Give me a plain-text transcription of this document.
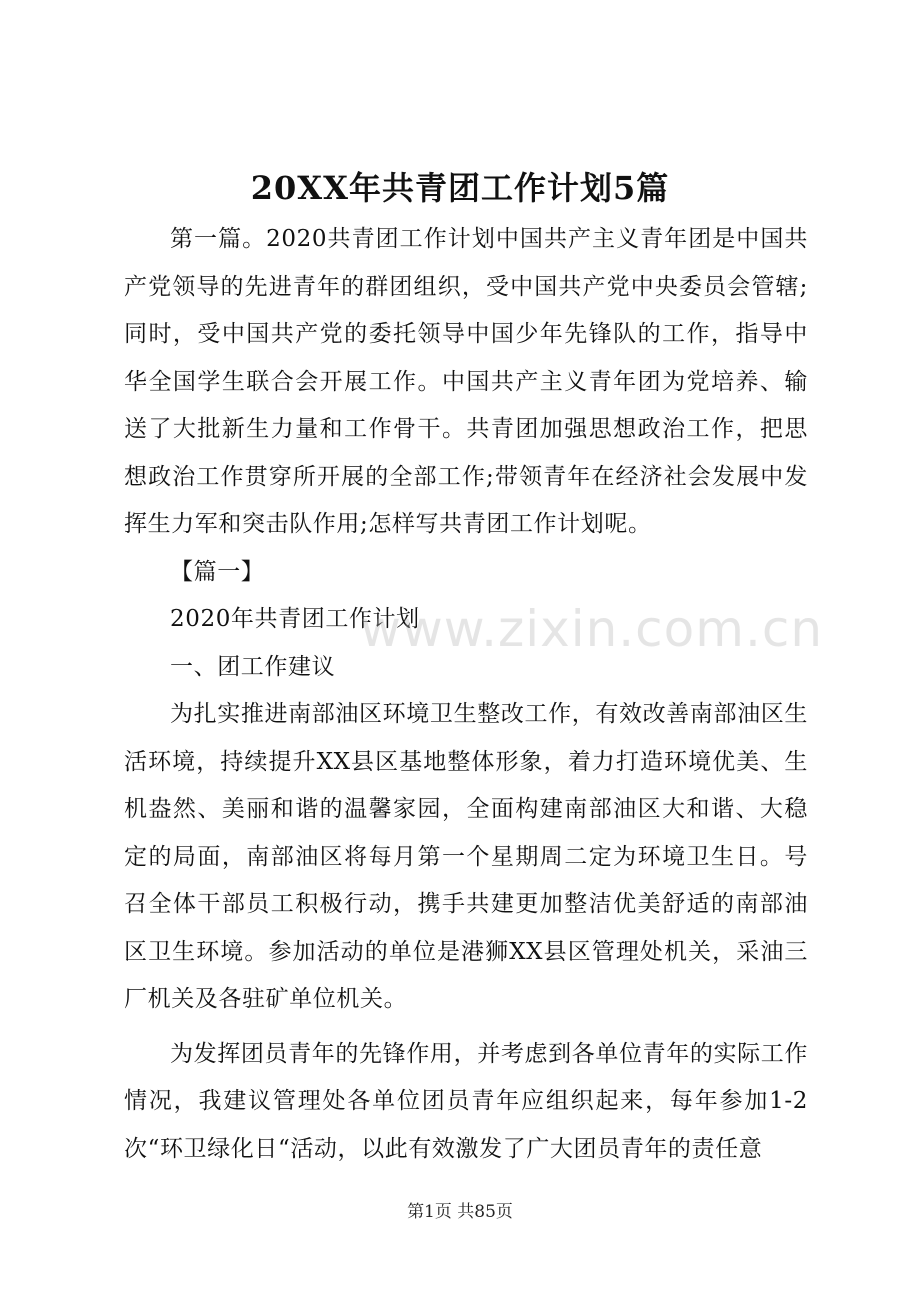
20XX年共青团工作计划5篇

第一篇。2020共青团工作计划中国共产主义青年团是中国共产党领导的先进青年的群团组织，受中国共产党中央委员会管辖;同时，受中国共产党的委托领导中国少年先锋队的工作，指导中华全国学生联合会开展工作。中国共产主义青年团为党培养、输送了大批新生力量和工作骨干。共青团加强思想政治工作，把思想政治工作贯穿所开展的全部工作;带领青年在经济社会发展中发挥生力军和突击队作用;怎样写共青团工作计划呢。

【篇一】

2020年共青团工作计划

一、团工作建议

为扎实推进南部油区环境卫生整改工作，有效改善南部油区生活环境，持续提升XX县区基地整体形象，着力打造环境优美、生机盎然、美丽和谐的温馨家园，全面构建南部油区大和谐、大稳定的局面，南部油区将每月第一个星期周二定为环境卫生日。号召全体干部员工积极行动，携手共建更加整洁优美舒适的南部油区卫生环境。参加活动的单位是港狮XX县区管理处机关，采油三厂机关及各驻矿单位机关。

为发挥团员青年的先锋作用，并考虑到各单位青年的实际工作情况，我建议管理处各单位团员青年应组织起来，每年参加1-2次“环卫绿化日“活动，以此有效激发了广大团员青年的责任意

www.zixin.com.cn
第1页 共85页
